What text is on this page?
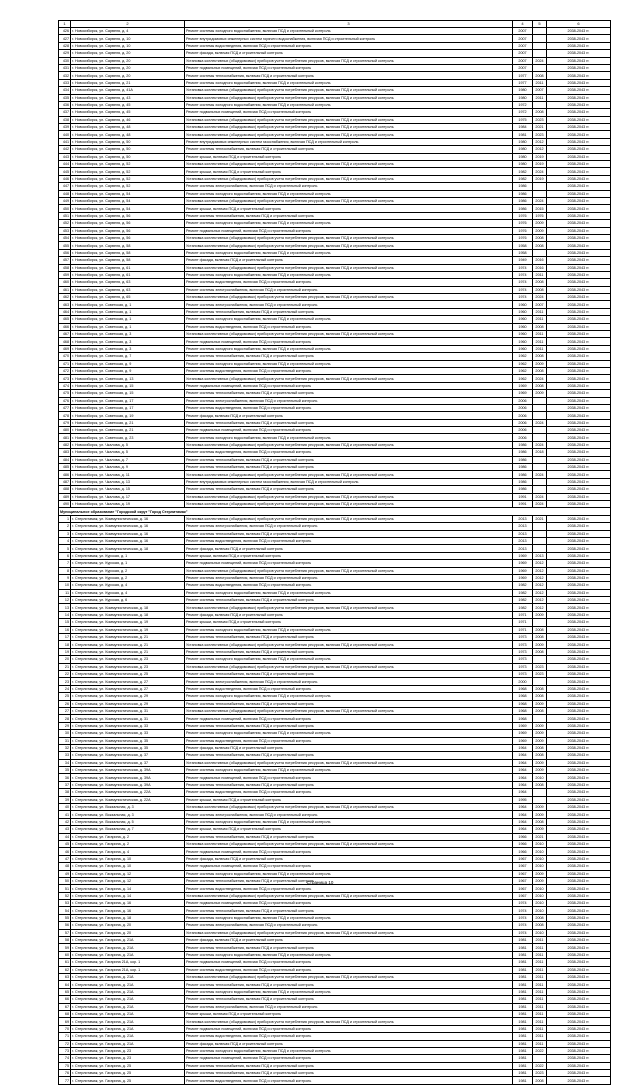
1	2	3	4	5	6
426	г. Новосибирск, ул. Сарвеля, д. 4	Ремонт системы холодного водоснабжения, включая ПСД и строительный контроль	2007		2038-2043 гг.
427	г. Новосибирск, ул. Сарвеля, д. 10	Ремонт внутридомовых инженерных систем горячего водоснабжения, включая ПСД и строительный контроль	2007		2038-2043 гг.
428	г. Новосибирск, ул. Сарвеля, д. 10	Ремонт системы водоотведения, включая ПСД и строительный контроль	2007		2038-2043 гг.
429	г. Новосибирск, ул. Сарвеля, д. 20	Ремонт фасада, включая ПСД и строительный контроль	2007		2038-2043 гг.
430	г. Новосибирск, ул. Сарвеля, д. 20	Установка коллективных (общедомовых) приборов учета потребления ресурсов, включая ПСД и строительный контроль	2007	2024	2038-2043 гг.
431	г. Новосибирск, ул. Сарвеля, д. 20	Ремонт подвальных помещений, включая ПСД и строительный контроль	2007		2038-2043 гг.
432	г. Новосибирск, ул. Сарвеля, д. 20	Ремонт системы теплоснабжения, включая ПСД и строительный контроль	1977	2008	2038-2043 гг.
433	г. Новосибирск, ул. Сарвеля, д. 21	Ремонт системы холодного водоснабжения, включая ПСД и строительный контроль	1977	2011	2038-2043 гг.
434	г. Новосибирск, ул. Сарвеля, д. 41А	Установка коллективных (общедомовых) приборов учета потребления ресурсов, включая ПСД и строительный контроль	1980	2007	2038-2043 гг.
435	г. Новосибирск, ул. Сарвеля, д. 43	Установка коллективных (общедомовых) приборов учета потребления ресурсов, включая ПСД и строительный контроль	1980	2011	2038-2043 гг.
436	г. Новосибирск, ул. Сарвеля, д. 45	Ремонт системы холодного водоснабжения, включая ПСД и строительный контроль	1972		2038-2043 гг.
437	г. Новосибирск, ул. Сарвеля, д. 45	Ремонт подвальных помещений, включая ПСД и строительный контроль	1972	2008	2038-2043 гг.
438	г. Новосибирск, ул. Сарвеля, д. 46	Установка коллективных (общедомовых) приборов учета потребления ресурсов, включая ПСД и строительный контроль	1975	2023	2038-2043 гг.
439	г. Новосибирск, ул. Сарвеля, д. 48	Установка коллективных (общедомовых) приборов учета потребления ресурсов, включая ПСД и строительный контроль	1984	2021	2038-2043 гг.
440	г. Новосибирск, ул. Сарвеля, д. 48	Установка коллективных (общедомовых) приборов учета потребления ресурсов, включая ПСД и строительный контроль	1981	2023	2038-2043 гг.
441	г. Новосибирск, ул. Сарвеля, д. 50	Ремонт внутридомовых инженерных систем газоснабжения, включая ПСД и строительный контроль	1980	2012	2038-2043 гг.
442	г. Новосибирск, ул. Сарвеля, д. 50	Ремонт системы теплоснабжения, включая ПСД и строительный контроль	1980	2012	2038-2043 гг.
443	г. Новосибирск, ул. Сарвеля, д. 50	Ремонт крыши, включая ПСД и строительный контроль	1980	2019	2038-2043 гг.
444	г. Новосибирск, ул. Сарвеля, д. 52	Установка коллективных (общедомовых) приборов учета потребления ресурсов, включая ПСД и строительный контроль	1980	2019	2038-2043 гг.
445	г. Новосибирск, ул. Сарвеля, д. 52	Ремонт крыши, включая ПСД и строительный контроль	1982	2024	2038-2043 гг.
446	г. Новосибирск, ул. Сарвеля, д. 52	Установка коллективных (общедомовых) приборов учета потребления ресурсов, включая ПСД и строительный контроль	1982	2019	2038-2043 гг.
447	г. Новосибирск, ул. Сарвеля, д. 52	Ремонт системы электроснабжения, включая ПСД и строительный контроль	1986		2038-2043 гг.
448	г. Новосибирск, ул. Сарвеля, д. 54	Ремонт системы холодного водоснабжения, включая ПСД и строительный контроль	1986		2038-2043 гг.
449	г. Новосибирск, ул. Сарвеля, д. 54	Установка коллективных (общедомовых) приборов учета потребления ресурсов, включая ПСД и строительный контроль	1986	2024	2038-2043 гг.
450	г. Новосибирск, ул. Сарвеля, д. 54	Ремонт крыши, включая ПСД и строительный контроль	1986	2015	2038-2043 гг.
451	г. Новосибирск, ул. Сарвеля, д. 56	Ремонт системы теплоснабжения, включая ПСД и строительный контроль	1976	1976	2038-2043 гг.
452	г. Новосибирск, ул. Сарвеля, д. 56	Ремонт системы холодного водоснабжения, включая ПСД и строительный контроль	1976	2009	2038-2043 гг.
453	г. Новосибирск, ул. Сарвеля, д. 56	Ремонт подвальных помещений, включая ПСД и строительный контроль	1976	2009	2038-2043 гг.
454	г. Новосибирск, ул. Сарвеля, д. 56	Установка коллективных (общедомовых) приборов учета потребления ресурсов, включая ПСД и строительный контроль	1976	2008	2038-2043 гг.
455	г. Новосибирск, ул. Сарвеля, д. 58	Установка коллективных (общедомовых) приборов учета потребления ресурсов, включая ПСД и строительный контроль	1958	2008	2038-2043 гг.
456	г. Новосибирск, ул. Сарвеля, д. 58	Ремонт системы холодного водоснабжения, включая ПСД и строительный контроль	1958		2038-2043 гг.
457	г. Новосибирск, ул. Сарвеля, д. 58	Ремонт фасада, включая ПСД и строительный контроль	1949	2016	2038-2043 гг.
458	г. Новосибирск, ул. Сарвеля, д. 61	Установка коллективных (общедомовых) приборов учета потребления ресурсов, включая ПСД и строительный контроль	1974	2016	2038-2043 гг.
459	г. Новосибирск, ул. Сарвеля, д. 61	Ремонт системы холодного водоснабжения, включая ПСД и строительный контроль	1974	2011	2038-2043 гг.
460	г. Новосибирск, ул. Сарвеля, д. 63	Ремонт системы водоотведения, включая ПСД и строительный контроль	1974	2008	2038-2043 гг.
461	г. Новосибирск, ул. Сарвеля, д. 63	Ремонт системы электроснабжения, включая ПСД и строительный контроль	1974	2008	2038-2043 гг.
462	г. Новосибирск, ул. Сарвеля, д. 65	Установка коллективных (общедомовых) приборов учета потребления ресурсов, включая ПСД и строительный контроль	1974	2024	2038-2043 гг.
463	г. Новосибирск, ул. Советская, д. 1	Ремонт системы электроснабжения, включая ПСД и строительный контроль	1960	2007	2038-2043 гг.
464	г. Новосибирск, ул. Советская, д. 1	Ремонт системы теплоснабжения, включая ПСД и строительный контроль	1960	2011	2038-2043 гг.
465	г. Новосибирск, ул. Советская, д. 1	Ремонт системы холодного водоснабжения, включая ПСД и строительный контроль	1960	2011	2038-2043 гг.
466	г. Новосибирск, ул. Советская, д. 1	Ремонт системы водоотведения, включая ПСД и строительный контроль	1960	2008	2038-2043 гг.
467	г. Новосибирск, ул. Советская, д. 3	Установка коллективных (общедомовых) приборов учета потребления ресурсов, включая ПСД и строительный контроль	1960	2011	2038-2043 гг.
468	г. Новосибирск, ул. Советская, д. 3	Ремонт подвальных помещений, включая ПСД и строительный контроль	1960	2011	2038-2043 гг.
469	г. Новосибирск, ул. Советская, д. 3	Ремонт системы холодного водоснабжения, включая ПСД и строительный контроль	1960	2011	2038-2043 гг.
470	г. Новосибирск, ул. Советская, д. 7	Ремонт системы теплоснабжения, включая ПСД и строительный контроль	1962	2008	2038-2043 гг.
471	г. Новосибирск, ул. Советская, д. 9	Ремонт системы холодного водоснабжения, включая ПСД и строительный контроль	1962	2009	2038-2043 гг.
472	г. Новосибирск, ул. Советская, д. 9	Ремонт системы водоотведения, включая ПСД и строительный контроль	1962	2008	2038-2043 гг.
473	г. Новосибирск, ул. Советская, д. 13	Установка коллективных (общедомовых) приборов учета потребления ресурсов, включая ПСД и строительный контроль	1962	2024	2038-2043 гг.
474	г. Новосибирск, ул. Советская, д. 15	Ремонт подвальных помещений, включая ПСД и строительный контроль	1969	2008	2038-2043 гг.
475	г. Новосибирск, ул. Советская, д. 15	Ремонт системы теплоснабжения, включая ПСД и строительный контроль	1969	2009	2038-2043 гг.
476	г. Новосибирск, ул. Советская, д. 17	Ремонт системы электроснабжения, включая ПСД и строительный контроль	2006		2038-2043 гг.
477	г. Новосибирск, ул. Советская, д. 17	Ремонт системы водоотведения, включая ПСД и строительный контроль	2006		2038-2043 гг.
478	г. Новосибирск, ул. Советская, д. 19	Ремонт фасада, включая ПСД и строительный контроль	2006		2038-2043 гг.
479	г. Новосибирск, ул. Советская, д. 21	Ремонт системы теплоснабжения, включая ПСД и строительный контроль	2006	2024	2038-2043 гг.
480	г. Новосибирск, ул. Советская, д. 21	Ремонт подвальных помещений, включая ПСД и строительный контроль	2006		2038-2043 гг.
481	г. Новосибирск, ул. Советская, д. 23	Ремонт системы холодного водоснабжения, включая ПСД и строительный контроль	2006		2038-2043 гг.
482	г. Новосибирск, ул. Чкалова, д. 5	Установка коллективных (общедомовых) приборов учета потребления ресурсов, включая ПСД и строительный контроль	1986	2024	2038-2043 гг.
483	г. Новосибирск, ул. Чкалова, д. 5	Ремонт системы водоотведения, включая ПСД и строительный контроль	1986	2018	2038-2043 гг.
484	г. Новосибирск, ул. Чкалова, д. 7	Ремонт системы теплоснабжения, включая ПСД и строительный контроль	1986		2038-2043 гг.
485	г. Новосибирск, ул. Чкалова, д. 9	Ремонт системы теплоснабжения, включая ПСД и строительный контроль	1986		2038-2043 гг.
486	г. Новосибирск, ул. Чкалова, д. 11	Установка коллективных (общедомовых) приборов учета потребления ресурсов, включая ПСД и строительный контроль	1986	2024	2038-2043 гг.
487	г. Новосибирск, ул. Чкалова, д. 13	Ремонт внутридомовых инженерных систем газоснабжения, включая ПСД и строительный контроль	1986		2038-2043 гг.
488	г. Новосибирск, ул. Чкалова, д. 15	Ремонт системы теплоснабжения, включая ПСД и строительный контроль	1986		2038-2043 гг.
489	г. Новосибирск, ул. Чкалова, д. 17	Установка коллективных (общедомовых) приборов учета потребления ресурсов, включая ПСД и строительный контроль	1991	2024	2038-2043 гг.
490	г. Новосибирск, ул. Чкалова, д. 19	Установка коллективных (общедомовых) приборов учета потребления ресурсов, включая ПСД и строительный контроль	1991	2024	2038-2043 гг.
Муниципальное образование "Городской округ "Город Стерлитамак"					
1	г. Стерлитамак, ул. Коммунистическая, д. 16	Установка коллективных (общедомовых) приборов учета потребления ресурсов, включая ПСД и строительный контроль	2013	2021	2038-2043 гг.
2	г. Стерлитамак, ул. Коммунистическая, д. 16	Ремонт системы электроснабжения, включая ПСД и строительный контроль	2013		2038-2043 гг.
3	г. Стерлитамак, ул. Коммунистическая, д. 16	Ремонт системы теплоснабжения, включая ПСД и строительный контроль	2013		2038-2043 гг.
4	г. Стерлитамак, ул. Коммунистическая, д. 16	Ремонт системы водоотведения, включая ПСД и строительный контроль	2013		2038-2043 гг.
5	г. Стерлитамак, ул. Коммунистическая, д. 18	Ремонт фасада, включая ПСД и строительный контроль	2013		2038-2043 гг.
6	г. Стерлитамак, ул. Курская, д. 1	Ремонт крыши, включая ПСД и строительный контроль	1969	2013	2038-2043 гг.
7	г. Стерлитамак, ул. Курская, д. 1	Ремонт подвальных помещений, включая ПСД и строительный контроль	1969	2012	2038-2043 гг.
8	г. Стерлитамак, ул. Курская, д. 2	Установка коллективных (общедомовых) приборов учета потребления ресурсов, включая ПСД и строительный контроль	1969	2012	2038-2043 гг.
9	г. Стерлитамак, ул. Курская, д. 2	Ремонт системы электроснабжения, включая ПСД и строительный контроль	1969	2012	2038-2043 гг.
10	г. Стерлитамак, ул. Курская, д. 4	Ремонт системы водоотведения, включая ПСД и строительный контроль	1982	2012	2038-2043 гг.
11	г. Стерлитамак, ул. Курская, д. 4	Ремонт системы холодного водоснабжения, включая ПСД и строительный контроль	1982	2012	2038-2043 гг.
12	г. Стерлитамак, ул. Курская, д. 6	Ремонт системы теплоснабжения, включая ПСД и строительный контроль	1982	2012	2038-2043 гг.
13	г. Стерлитамак, ул. Коммунистическая, д. 18	Установка коллективных (общедомовых) приборов учета потребления ресурсов, включая ПСД и строительный контроль	1982	2012	2038-2043 гг.
14	г. Стерлитамак, ул. Коммунистическая, д. 18	Ремонт фасада, включая ПСД и строительный контроль	1971	2009	2038-2043 гг.
15	г. Стерлитамак, ул. Коммунистическая, д. 19	Ремонт крыши, включая ПСД и строительный контроль	1971		2038-2043 гг.
16	г. Стерлитамак, ул. Коммунистическая, д. 19	Ремонт системы холодного водоснабжения, включая ПСД и строительный контроль	1971	2008	2038-2043 гг.
17	г. Стерлитамак, ул. Коммунистическая, д. 21	Ремонт системы теплоснабжения, включая ПСД и строительный контроль	1973	2008	2038-2043 гг.
18	г. Стерлитамак, ул. Коммунистическая, д. 21	Установка коллективных (общедомовых) приборов учета потребления ресурсов, включая ПСД и строительный контроль	1973	2009	2038-2043 гг.
19	г. Стерлитамак, ул. Коммунистическая, д. 21	Ремонт системы теплоснабжения, включая ПСД и строительный контроль	1973	2008	2038-2043 гг.
20	г. Стерлитамак, ул. Коммунистическая, д. 23	Ремонт системы холодного водоснабжения, включая ПСД и строительный контроль	1973		2038-2043 гг.
21	г. Стерлитамак, ул. Коммунистическая, д. 23	Установка коллективных (общедомовых) приборов учета потребления ресурсов, включая ПСД и строительный контроль	1973	2023	2038-2043 гг.
22	г. Стерлитамак, ул. Коммунистическая, д. 25	Ремонт системы теплоснабжения, включая ПСД и строительный контроль	1973	2023	2038-2043 гг.
23	г. Стерлитамак, ул. Коммунистическая, д. 27	Ремонт системы электроснабжения, включая ПСД и строительный контроль	2000		2038-2043 гг.
24	г. Стерлитамак, ул. Коммунистическая, д. 27	Ремонт системы водоотведения, включая ПСД и строительный контроль	1968	2008	2038-2043 гг.
25	г. Стерлитамак, ул. Коммунистическая, д. 29	Ремонт системы холодного водоснабжения, включая ПСД и строительный контроль	1968	2008	2038-2043 гг.
26	г. Стерлитамак, ул. Коммунистическая, д. 29	Ремонт системы теплоснабжения, включая ПСД и строительный контроль	1968	2009	2038-2043 гг.
27	г. Стерлитамак, ул. Коммунистическая, д. 31	Установка коллективных (общедомовых) приборов учета потребления ресурсов, включая ПСД и строительный контроль	1968	2008	2038-2043 гг.
28	г. Стерлитамак, ул. Коммунистическая, д. 31	Ремонт подвальных помещений, включая ПСД и строительный контроль	1968		2038-2043 гг.
29	г. Стерлитамак, ул. Коммунистическая, д. 33	Ремонт системы теплоснабжения, включая ПСД и строительный контроль	1969	2009	2038-2043 гг.
30	г. Стерлитамак, ул. Коммунистическая, д. 33	Ремонт системы холодного водоснабжения, включая ПСД и строительный контроль	1969	2009	2038-2043 гг.
31	г. Стерлитамак, ул. Коммунистическая, д. 35	Ремонт системы водоотведения, включая ПСД и строительный контроль	1969	2009	2038-2043 гг.
32	г. Стерлитамак, ул. Коммунистическая, д. 35	Ремонт фасада, включая ПСД и строительный контроль	1964	2008	2038-2043 гг.
33	г. Стерлитамак, ул. Коммунистическая, д. 37	Ремонт системы теплоснабжения, включая ПСД и строительный контроль	1964	2008	2038-2043 гг.
34	г. Стерлитамак, ул. Коммунистическая, д. 37	Установка коллективных (общедомовых) приборов учета потребления ресурсов, включая ПСД и строительный контроль	1964	2009	2038-2043 гг.
35	г. Стерлитамак, ул. Коммунистическая, д. 39А	Ремонт системы холодного водоснабжения, включая ПСД и строительный контроль	1964	2009	2038-2043 гг.
36	г. Стерлитамак, ул. Коммунистическая, д. 39А	Ремонт подвальных помещений, включая ПСД и строительный контроль	1964	2010	2038-2043 гг.
37	г. Стерлитамак, ул. Коммунистическая, д. 39А	Ремонт системы теплоснабжения, включая ПСД и строительный контроль	1964	2008	2038-2043 гг.
38	г. Стерлитамак, ул. Коммунистическая, д. 22А	Ремонт системы водоотведения, включая ПСД и строительный контроль	1964		2038-2043 гг.
39	г. Стерлитамак, ул. Коммунистическая, д. 22А	Ремонт крыши, включая ПСД и строительный контроль	1995		2038-2043 гг.
40	г. Стерлитамак, ул. Вокзальная, д. 3	Установка коллективных (общедомовых) приборов учета потребления ресурсов, включая ПСД и строительный контроль	1964	2009	2038-2043 гг.
41	г. Стерлитамак, ул. Вокзальная, д. 3	Ремонт системы электроснабжения, включая ПСД и строительный контроль	1964	2009	2038-2043 гг.
42	г. Стерлитамак, ул. Вокзальная, д. 5	Ремонт системы холодного водоснабжения, включая ПСД и строительный контроль	1964	2008	2038-2043 гг.
43	г. Стерлитамак, ул. Вокзальная, д. 7	Ремонт крыши, включая ПСД и строительный контроль	1964	2009	2038-2043 гг.
44	г. Стерлитамак, ул. Гагарина, д. 2	Ремонт системы теплоснабжения, включая ПСД и строительный контроль	1966	2021	2038-2043 гг.
45	г. Стерлитамак, ул. Гагарина, д. 2	Установка коллективных (общедомовых) приборов учета потребления ресурсов, включая ПСД и строительный контроль	1966	2010	2038-2043 гг.
46	г. Стерлитамак, ул. Гагарина, д. 4	Ремонт подвальных помещений, включая ПСД и строительный контроль	1966	2010	2038-2043 гг.
47	г. Стерлитамак, ул. Гагарина, д. 10	Ремонт фасада, включая ПСД и строительный контроль	1967	2010	2038-2043 гг.
48	г. Стерлитамак, ул. Гагарина, д. 10	Ремонт подвальных помещений, включая ПСД и строительный контроль	1967	2010	2038-2043 гг.
49	г. Стерлитамак, ул. Гагарина, д. 12	Ремонт системы холодного водоснабжения, включая ПСД и строительный контроль	1967	2009	2038-2043 гг.
50	г. Стерлитамак, ул. Гагарина, д. 12	Ремонт системы теплоснабжения, включая ПСД и строительный контроль	1967	2009	2038-2043 гг.
51	г. Стерлитамак, ул. Гагарина, д. 14	Ремонт системы водоотведения, включая ПСД и строительный контроль	1967	2010	2038-2043 гг.
52	г. Стерлитамак, ул. Гагарина, д. 14	Установка коллективных (общедомовых) приборов учета потребления ресурсов, включая ПСД и строительный контроль	1967	2010	2038-2043 гг.
53	г. Стерлитамак, ул. Гагарина, д. 16	Ремонт подвальных помещений, включая ПСД и строительный контроль	1974	2010	2038-2043 гг.
54	г. Стерлитамак, ул. Гагарина, д. 16	Ремонт системы теплоснабжения, включая ПСД и строительный контроль	1974	2010	2038-2043 гг.
55	г. Стерлитамак, ул. Гагарина, д. 18	Ремонт системы холодного водоснабжения, включая ПСД и строительный контроль	1974	2008	2038-2043 гг.
56	г. Стерлитамак, ул. Гагарина, д. 20	Ремонт системы электроснабжения, включая ПСД и строительный контроль	1974	2008	2038-2043 гг.
57	г. Стерлитамак, ул. Гагарина, д. 20	Установка коллективных (общедомовых) приборов учета потребления ресурсов, включая ПСД и строительный контроль	1974	2010	2038-2043 гг.
58	г. Стерлитамак, ул. Гагарина, д. 21А	Ремонт фасада, включая ПСД и строительный контроль	1981	2011	2038-2043 гг.
59	г. Стерлитамак, ул. Гагарина, д. 21А	Ремонт системы теплоснабжения, включая ПСД и строительный контроль	1981	2011	2038-2043 гг.
60	г. Стерлитамак, ул. Гагарина, д. 21А	Ремонт системы холодного водоснабжения, включая ПСД и строительный контроль	1981	2011	2038-2043 гг.
61	г. Стерлитамак, ул. Гагарина 21А, кор. 1	Ремонт подвальных помещений, включая ПСД и строительный контроль	1981	2011	2038-2043 гг.
62	г. Стерлитамак, ул. Гагарина 21А, кор. 1	Ремонт системы водоотведения, включая ПСД и строительный контроль	1981	2011	2038-2043 гг.
63	г. Стерлитамак, ул. Гагарина, д. 21А	Установка коллективных (общедомовых) приборов учета потребления ресурсов, включая ПСД и строительный контроль	1981	2011	2038-2043 гг.
64	г. Стерлитамак, ул. Гагарина, д. 21А	Ремонт системы теплоснабжения, включая ПСД и строительный контроль	1981	2011	2038-2043 гг.
65	г. Стерлитамак, ул. Гагарина, д. 21А	Ремонт системы холодного водоснабжения, включая ПСД и строительный контроль	1981	2011	2038-2043 гг.
66	г. Стерлитамак, ул. Гагарина, д. 21А	Ремонт системы теплоснабжения, включая ПСД и строительный контроль	1981	2011	2038-2043 гг.
67	г. Стерлитамак, ул. Гагарина, д. 21А	Ремонт системы электроснабжения, включая ПСД и строительный контроль	1981	2011	2038-2043 гг.
68	г. Стерлитамак, ул. Гагарина, д. 21А	Ремонт крыши, включая ПСД и строительный контроль	1981	2011	2038-2043 гг.
69	г. Стерлитамак, ул. Гагарина, д. 21А	Установка коллективных (общедомовых) приборов учета потребления ресурсов, включая ПСД и строительный контроль	1981	2011	2038-2043 гг.
70	г. Стерлитамак, ул. Гагарина, д. 21А	Ремонт подвальных помещений, включая ПСД и строительный контроль	1981	2011	2038-2043 гг.
71	г. Стерлитамак, ул. Гагарина, д. 21А	Ремонт системы водоотведения, включая ПСД и строительный контроль	1981	2011	2038-2043 гг.
72	г. Стерлитамак, ул. Гагарина, д. 21А	Ремонт фасада, включая ПСД и строительный контроль	1981	2011	2038-2043 гг.
73	г. Стерлитамак, ул. Гагарина, д. 23	Ремонт системы холодного водоснабжения, включая ПСД и строительный контроль	1981	2022	2038-2043 гг.
74	г. Стерлитамак, ул. Гагарина, д. 23	Ремонт подвальных помещений, включая ПСД и строительный контроль	1981		2038-2043 гг.
75	г. Стерлитамак, ул. Гагарина, д. 25	Ремонт системы теплоснабжения, включая ПСД и строительный контроль	1981	2022	2038-2043 гг.
76	г. Стерлитамак, ул. Гагарина, д. 25	Ремонт системы теплоснабжения, включая ПСД и строительный контроль	1981	2023	2038-2043 гг.
77	г. Стерлитамак, ул. Гагарина, д. 25	Ремонт системы водоотведения, включая ПСД и строительный контроль	1981	2008	2038-2043 гг.
Страница 10
